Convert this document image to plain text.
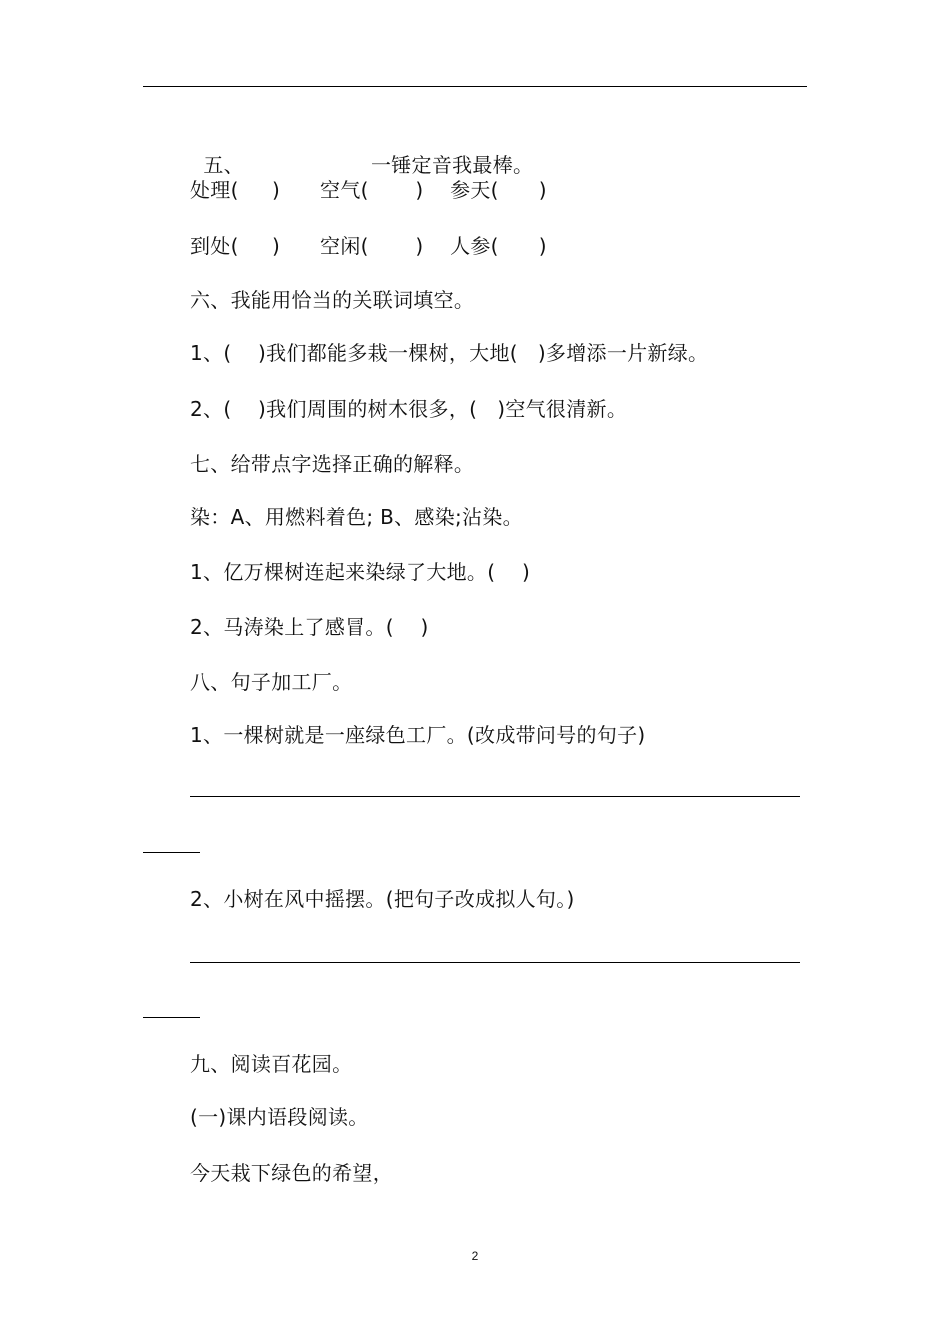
五、	一锤定音我最棒。

处理(     )      空气(       )    参天(      )
到处(     )      空闲(       )    人参(      )
六、我能用恰当的关联词填空。
1、(    )我们都能多栽一棵树，大地(   )多增添一片新绿。
2、(    )我们周围的树木很多，(   )空气很清新。
七、给带点字选择正确的解释。
染：A、用燃料着色; B、感染;沾染。
1、亿万棵树连起来染绿了大地。(    )
2、马涛染上了感冒。(    )
八、句子加工厂。
1、一棵树就是一座绿色工厂。(改成带问号的句子)
2、小树在风中摇摆。(把句子改成拟人句。)
九、阅读百花园。
(一)课内语段阅读。
今天栽下绿色的希望，
2
